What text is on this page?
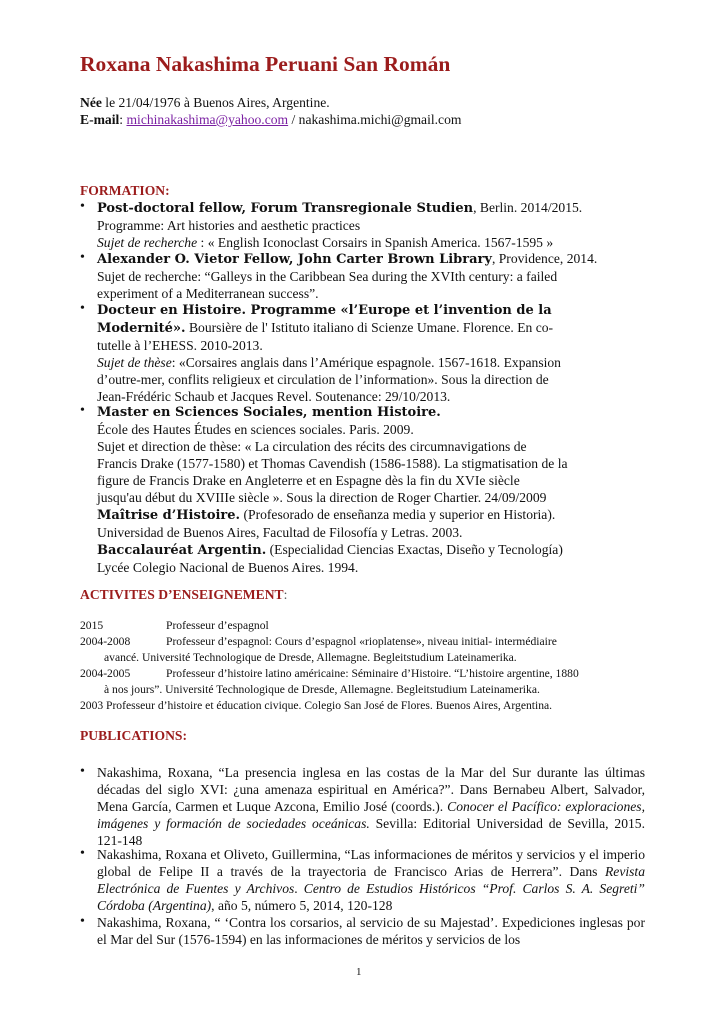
Roxana Nakashima Peruani San Román
Née le 21/04/1976 à Buenos Aires, Argentine.
E-mail: michinakashima@yahoo.com / nakashima.michi@gmail.com
FORMATION:
• Post-doctoral fellow, Forum Transregionale Studien, Berlin. 2014/2015.
Programme: Art histories and aesthetic practices
Sujet de recherche : « English Iconoclast Corsairs in Spanish America. 1567-1595 »
• Alexander O. Vietor Fellow, John Carter Brown Library, Providence, 2014.
Sujet de recherche: “Galleys in the Caribbean Sea during the XVIth century: a failed
experiment of a Mediterranean success”.
• Docteur en Histoire. Programme «l’Europe et l’invention de la
Modernité». Boursière de l' Istituto italiano di Scienze Umane. Florence. En co-
tutelle à l’EHESS. 2010-2013.
Sujet de thèse: «Corsaires anglais dans l’Amérique espagnole. 1567-1618. Expansion
d’outre-mer, conflits religieux et circulation de l’information». Sous la direction de
Jean-Frédéric Schaub et Jacques Revel. Soutenance: 29/10/2013.
• Master en Sciences Sociales, mention Histoire.
École des Hautes Études en sciences sociales. Paris. 2009.
Sujet et direction de thèse: « La circulation des récits des circumnavigations de
Francis Drake (1577-1580) et Thomas Cavendish (1586-1588). La stigmatisation de la
figure de Francis Drake en Angleterre et en Espagne dès la fin du XVIe siècle
jusqu'au début du XVIIIe siècle ». Sous la direction de Roger Chartier. 24/09/2009
Maîtrise d’Histoire. (Profesorado de enseñanza media y superior en Historia).
Universidad de Buenos Aires, Facultad de Filosofía y Letras. 2003.
Baccalauréat Argentin. (Especialidad Ciencias Exactas, Diseño y Tecnología)
Lycée Colegio Nacional de Buenos Aires. 1994.
ACTIVITES D’ENSEIGNEMENT:
2015	Professeur d’espagnol
2004-2008	Professeur d’espagnol: Cours d’espagnol «rioplatense», niveau initial- intermédiaire
avancé. Université Technologique de Dresde, Allemagne. Begleitstudium Lateinamerika.
2004-2005	Professeur d’histoire latino américaine: Séminaire d’Histoire. “L’histoire argentine, 1880
à nos jours”. Université Technologique de Dresde, Allemagne. Begleitstudium Lateinamerika.
2003 Professeur d’histoire et éducation civique. Colegio San José de Flores. Buenos Aires, Argentina.
PUBLICATIONS:
• Nakashima, Roxana, “La presencia inglesa en las costas de la Mar del Sur durante las últimas décadas del siglo XVI: ¿una amenaza espiritual en América?”. Dans Bernabeu Albert, Salvador, Mena García, Carmen et Luque Azcona, Emilio José (coords.). Conocer el Pacífico: exploraciones, imágenes y formación de sociedades oceánicas. Sevilla: Editorial Universidad de Sevilla, 2015. 121-148
• Nakashima, Roxana et Oliveto, Guillermina, “Las informaciones de méritos y servicios y el imperio global de Felipe II a través de la trayectoria de Francisco Arias de Herrera”. Dans Revista Electrónica de Fuentes y Archivos. Centro de Estudios Históricos “Prof. Carlos S. A. Segreti” Córdoba (Argentina), año 5, número 5, 2014, 120-128
• Nakashima, Roxana, “ ‘Contra los corsarios, al servicio de su Majestad’. Expediciones inglesas por el Mar del Sur (1576-1594) en las informaciones de méritos y servicios de los
1
